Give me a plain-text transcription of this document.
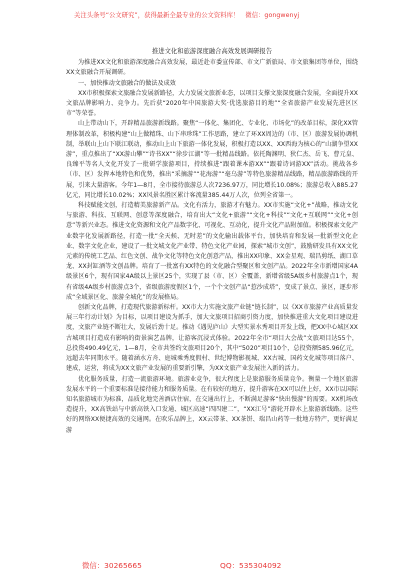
关注头条号“公文研究”，获得最新全最专业的公文资料库！ 微信：gongwenyj

推进文化和旅游深度融合高效发展调研报告

为推进XX文化和旅游深度融合高效发展，最近赴市委宣传部、市文广新旅局、市文旅集团等单位，围绕XX文旅融合开展调研。

一、加快推动文旅融合的做法及成效

XX市积极探索文旅融合发展新路径，大力发展文旅新业态，以项目支撑文旅深度融合发展，全面提升XX文旅品牌影响力、竞争力。先后获“2020年中国旅游大奖·优选旅游目的地”“全省旅游产业发展先进区区市”等荣誉。

山上带动山下，开辟精品旅游新线路。聚焦“一体化、集团化、专业化、市场化”的改革目标，深化XX管理体制改革，积极构建“山上做精珠、山下串珍珠”工作思路，建立了环XX周边的（市、区）旅游发展协调机制，举联山上山下联江联动，推动山上山下旅游一体化发展，积极打造以XX、XX西海为核心的“山湖争望XX游”，重点推出了“XX游山攀”“诗书XX”“徐步江湖”等一批精品线路。依托陶渊明、狄仁杰、岳飞、曹元皇、良臻平等名人文化开发了一批研学旅游项目，持续推进“跟着课本游XX”“跟着诗词游XX”活动。挑战各乡（市、区）发挥本地特色和优势，推出“采摘游”“花海游”“毫乌游”等特色旅游精品线路，精品旅游路线的开展，引来大量游客。今年1—8月，全市接待旅游总人次7236.97万，同比增长10.08%；旅游总收入885.27亿元，同比增长10.02%；XX风景名胜区累计客流量385.44万人次，位列全省第一。

科技赋能文创，打造精美旅游新产品。文化有活力，旅游才有魅力。XX市实施“文化+”战略，推动文化与旅游、科技、互联网、创意等深度融合，培育出大“文化+旅游”“文化+科技”“文化+互联网”“文化+创意”等新兴业态。推进文化资源和文化产品数字化、可视化、互动化，提升文化产品附加值。积极探索文化产业数字化发展新路径，打造一批“全天候、无时差”的文化输出载体平台，加快培育和发展一批新型文化企业、数字文化企业，建设了一批文城文化产业带、特色文化产业园，探索“城市文创”，鼓励研发具有XX文化元素的传统工艺品、红色文创、战争文化等特色文化创意产品，推出XX印象、XX金星观、瑞昌剪纸、湖口草龙、XX封缸酒等文创品牌。培育了一批富有XX特色的文化融合型聚区和文创产品。2022年全市新增国家4A级景区6个，现有国家4A级以上景区25个，实现了县（市、区）全覆盖，新增省级5A级乡村旅游点1个，现有省级4A级乡村旅游点3个，省级旅游度假区1个，一个个文创产品“惹沙成塔”，变成了景点、景区，逐步形成“全域景区化、旅游全城化”的发展格局。

创新文化品牌，打造现代旅游新标杆。XX市大力实施文旅产业链“链长制”，以《XX市旅游产业高质量发展三年行动计划》为目标，以项目建设为抓手，加大文旅项目招商引资力度，加快推进重大文化项目建设进度，文旅产业链不断壮大，发展后劲十足。推动《遇见庐山》大型实景水秀项目开发上线，把XX中心城区XX古城项目打造成有影响的街景演艺品牌，让游客沉浸式体验。2022年全市“项目大会战”文旅项目达55个，总投资490.49亿元，1—8月，全市共签约文旅项目20个，其中“5020”项目10个，总投资额585.96亿元，远超去年同期水平。随着涵水方舟、庭城乘秀度假村、世纪博物影视城、XX古城、国药文化城等项目落户、建成，运营，将成为XX文旅产业发展的重要新引擎，为XX文旅产业发展注入新的活力。

优化服务质量，打造一流旅游环境。旅游业竞争，很大程度上是旅游服务质量竞争。衡量一个地区旅游发展水平的一个重要标准是接待能力和服务质量。在有较好的地方，提升游客在XX可以住上好，XX市以国际知名旅游城市为标准，品质化地完善酒店住宿，在交通出行上，不断满足游客“快出慢游”的需要。XX机场改造提升，XX高铁站与中新高铁入口发通、城区高速“四四建二”，“XX江号”游轮开辟水上旅游新线路。这些好的网络XX便捷高效的交通网。在吹乐品牌上，XX云帯茶、XX茶饼、瑞昌山药等一批地方特产，更好满足游

微信：30265665	QQ：535304092
